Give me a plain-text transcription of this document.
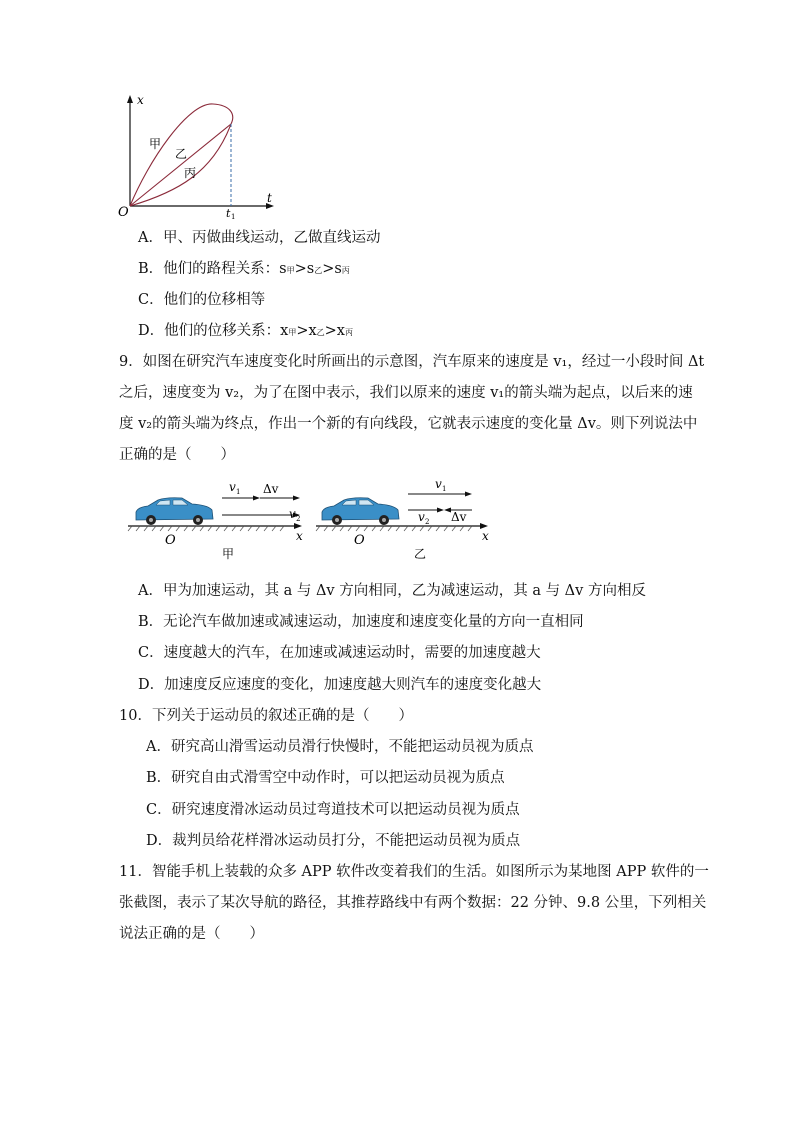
x
t
O	t 1
甲
乙
丙
A．甲、丙做曲线运动，乙做直线运动
B．他们的路程关系：s甲>s乙>s丙
C．他们的位移相等
D．他们的位移关系：x甲>x乙>x丙
9．如图在研究汽车速度变化时所画出的示意图，汽车原来的速度是 v₁，经过一小段时间 Δt
之后，速度变为 v₂，为了在图中表示，我们以原来的速度 v₁的箭头端为起点，以后来的速
度 v₂的箭头端为终点，作出一个新的有向线段，它就表示速度的变化量 Δv。则下列说法中
正确的是（　　）
v 1 Δv
v 2
O	x
甲
v 1
v 2 Δv
O	x
乙
A．甲为加速运动，其 a 与 Δv 方向相同，乙为减速运动，其 a 与 Δv 方向相反
B．无论汽车做加速或减速运动，加速度和速度变化量的方向一直相同
C．速度越大的汽车，在加速或减速运动时，需要的加速度越大
D．加速度反应速度的变化，加速度越大则汽车的速度变化越大
10．下列关于运动员的叙述正确的是（　　）
A．研究高山滑雪运动员滑行快慢时，不能把运动员视为质点
B．研究自由式滑雪空中动作时，可以把运动员视为质点
C．研究速度滑冰运动员过弯道技术可以把运动员视为质点
D．裁判员给花样滑冰运动员打分，不能把运动员视为质点
11．智能手机上装载的众多 APP 软件改变着我们的生活。如图所示为某地图 APP 软件的一
张截图，表示了某次导航的路径，其推荐路线中有两个数据：22 分钟、9.8 公里，下列相关
说法正确的是（　　）
